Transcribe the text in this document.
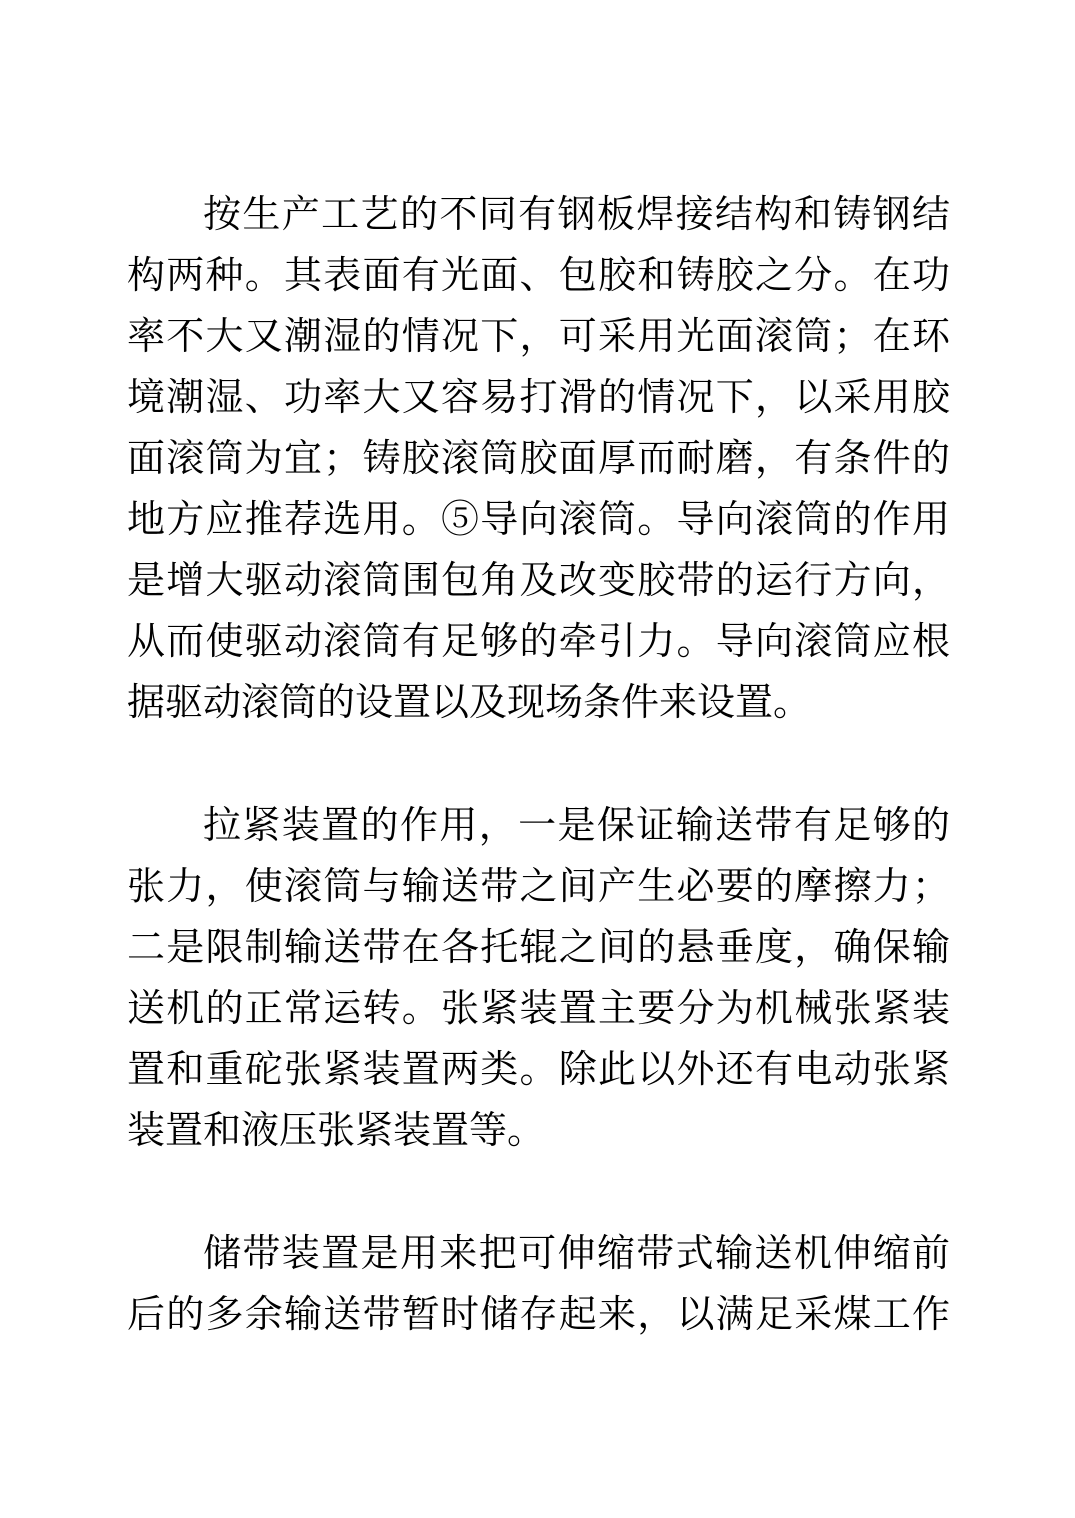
按生产工艺的不同有钢板焊接结构和铸钢结
构两种。其表面有光面、包胶和铸胶之分。在功
率不大又潮湿的情况下，可采用光面滚筒；在环
境潮湿、功率大又容易打滑的情况下，以采用胶
面滚筒为宜；铸胶滚筒胶面厚而耐磨，有条件的
地方应推荐选用。⑤导向滚筒。导向滚筒的作用
是增大驱动滚筒围包角及改变胶带的运行方向，
从而使驱动滚筒有足够的牵引力。导向滚筒应根
据驱动滚筒的设置以及现场条件来设置。

拉紧装置的作用，一是保证输送带有足够的
张力，使滚筒与输送带之间产生必要的摩擦力；
二是限制输送带在各托辊之间的悬垂度，确保输
送机的正常运转。张紧装置主要分为机械张紧装
置和重砣张紧装置两类。除此以外还有电动张紧
装置和液压张紧装置等。

储带装置是用来把可伸缩带式输送机伸缩前
后的多余输送带暂时储存起来，以满足采煤工作
